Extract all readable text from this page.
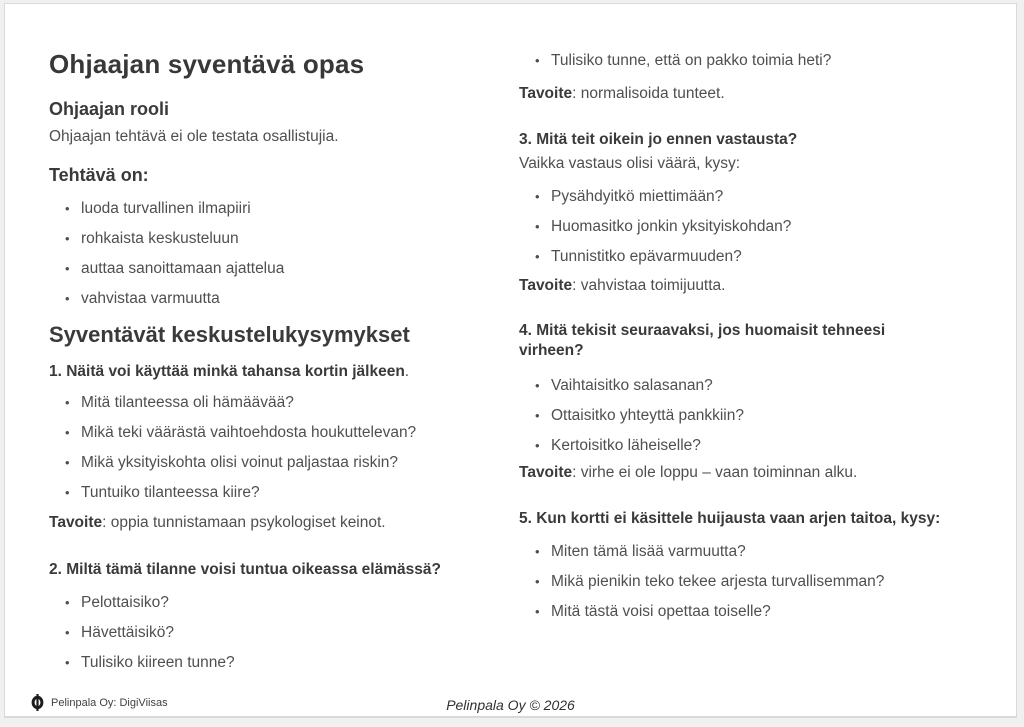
Ohjaajan syventävä opas
Ohjaajan rooli

Ohjaajan tehtävä ei ole testata osallistujia.

Tehtävä on:
• luoda turvallinen ilmapiiri
• rohkaista keskusteluun
• auttaa sanoittamaan ajattelua
• vahvistaa varmuutta
Syventävät keskustelukysymykset
1. Näitä voi käyttää minkä tahansa kortin jälkeen.
• Mitä tilanteessa oli hämäävää?
• Mikä teki väärästä vaihtoehdosta houkuttelevan?
• Mikä yksityiskohta olisi voinut paljastaa riskin?
• Tuntuiko tilanteessa kiire?

Tavoite: oppia tunnistamaan psykologiset keinot.

2. Miltä tämä tilanne voisi tuntua oikeassa elämässä?
• Pelottaisiko?
• Hävettäisikö?
• Tulisiko kiireen tunne?
• Tulisiko tunne, että on pakko toimia heti?

Tavoite: normalisoida tunteet.

3. Mitä teit oikein jo ennen vastausta?

Vaikka vastaus olisi väärä, kysy:

• Pysähdyitkö miettimään?
• Huomasitko jonkin yksityiskohdan?
• Tunnistitko epävarmuuden?

Tavoite: vahvistaa toimijuutta.

4. Mitä tekisit seuraavaksi, jos huomaisit tehneesi virheen?
• Vaihtaisitko salasanan?
• Ottaisitko yhteyttä pankkiin?
• Kertoisitko läheiselle?

Tavoite: virhe ei ole loppu – vaan toiminnan alku.

5. Kun kortti ei käsittele huijausta vaan arjen taitoa, kysy:
• Miten tämä lisää varmuutta?
• Mikä pienikin teko tekee arjesta turvallisemman?
• Mitä tästä voisi opettaa toiselle?
Pelinpala Oy: DigiViisas	Pelinpala Oy © 2026
